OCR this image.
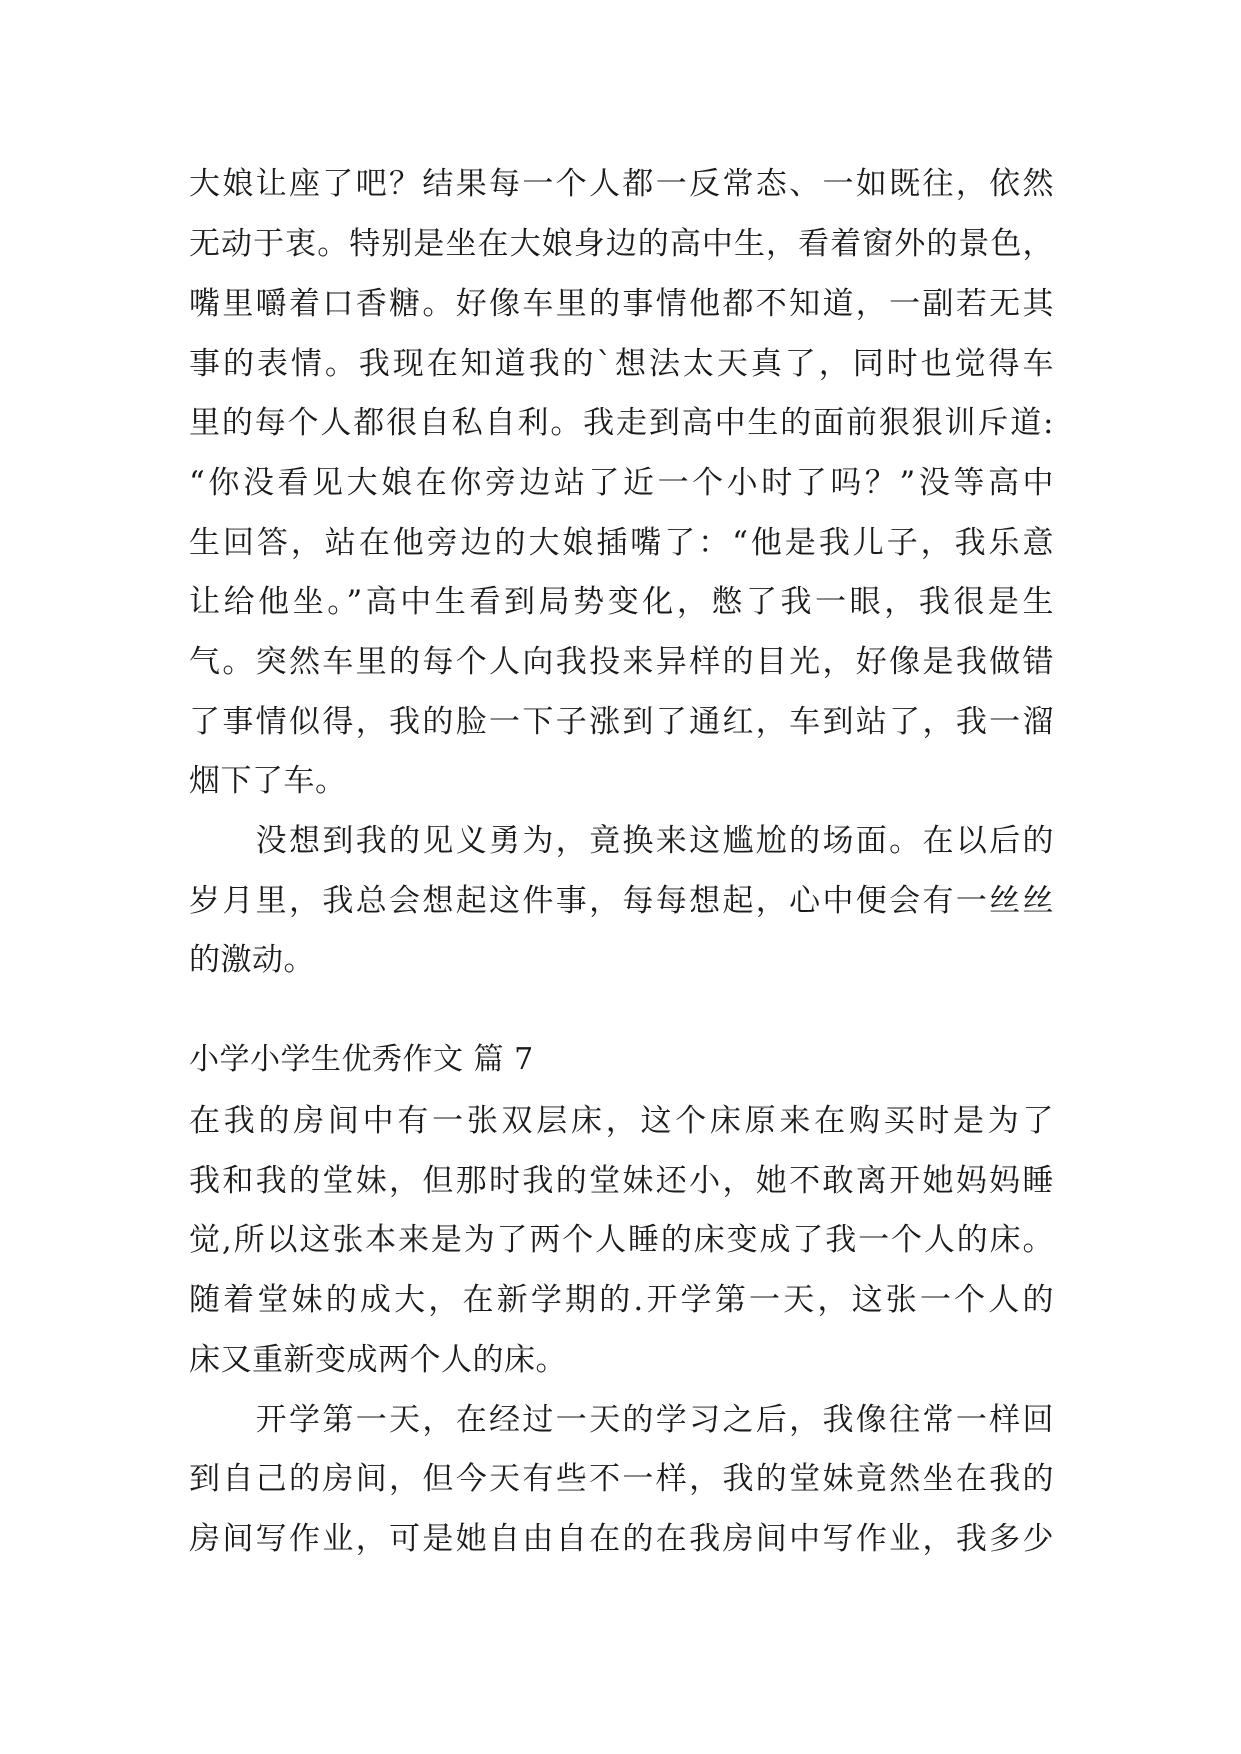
大娘让座了吧？结果每一个人都一反常态、一如既往，依然
无动于衷。特别是坐在大娘身边的高中生，看着窗外的景色，
嘴里嚼着口香糖。好像车里的事情他都不知道，一副若无其
事的表情。我现在知道我的`想法太天真了，同时也觉得车
里的每个人都很自私自利。我走到高中生的面前狠狠训斥道:
“你没看见大娘在你旁边站了近一个小时了吗？”没等高中
生回答，站在他旁边的大娘插嘴了：“他是我儿子，我乐意
让给他坐。”高中生看到局势变化，憋了我一眼，我很是生
气。突然车里的每个人向我投来异样的目光，好像是我做错
了事情似得，我的脸一下子涨到了通红，车到站了，我一溜
烟下了车。
　　没想到我的见义勇为，竟换来这尴尬的场面。在以后的
岁月里，我总会想起这件事，每每想起，心中便会有一丝丝
的激动。
小学小学生优秀作文 篇 7
在我的房间中有一张双层床，这个床原来在购买时是为了
我和我的堂妹，但那时我的堂妹还小，她不敢离开她妈妈睡
觉,所以这张本来是为了两个人睡的床变成了我一个人的床。
随着堂妹的成大，在新学期的.开学第一天，这张一个人的
床又重新变成两个人的床。
　　开学第一天，在经过一天的学习之后，我像往常一样回
到自己的房间，但今天有些不一样，我的堂妹竟然坐在我的
房间写作业，可是她自由自在的在我房间中写作业，我多少
